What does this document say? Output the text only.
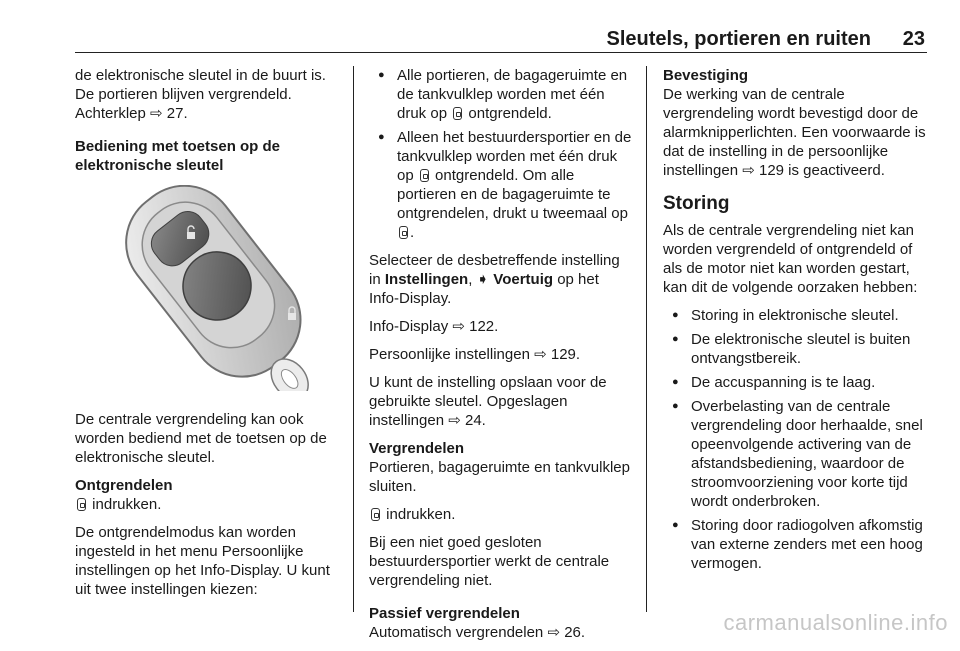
Sleutels, portieren en ruiten 23

de elektronische sleutel in de buurt is. De portieren blijven vergrendeld.
Achterklep ⇨ 27.

Bediening met toetsen op de elektronische sleutel

De centrale vergrendeling kan ook worden bediend met de toetsen op de elektronische sleutel.

Ontgrendelen

indrukken.

De ontgrendelmodus kan worden ingesteld in het menu Persoonlijke instellingen op het Info-Display. U kunt uit twee instellingen kiezen:

● Alle portieren, de bagageruimte en de tankvulklep worden met één druk op ontgrendeld.
● Alleen het bestuurdersportier en de tankvulklep worden met één druk op ontgrendeld. Om alle portieren en de bagageruimte te ontgrendelen, drukt u tweemaal op .

Selecteer de desbetreffende instelling in Instellingen, ➧ Voertuig op het Info-Display.

Info-Display ⇨ 122.

Persoonlijke instellingen ⇨ 129.

U kunt de instelling opslaan voor de gebruikte sleutel. Opgeslagen instellingen ⇨ 24.

Vergrendelen

Portieren, bagageruimte en tankvulklep sluiten.

indrukken.

Bij een niet goed gesloten bestuurdersportier werkt de centrale vergrendeling niet.

Passief vergrendelen

Automatisch vergrendelen ⇨ 26.

Bevestiging

De werking van de centrale vergrendeling wordt bevestigd door de alarmknipperlichten. Een voorwaarde is dat de instelling in de persoonlijke instellingen ⇨ 129 is geactiveerd.

Storing

Als de centrale vergrendeling niet kan worden vergrendeld of ontgrendeld of als de motor niet kan worden gestart, kan dit de volgende oorzaken hebben:

● Storing in elektronische sleutel.
● De elektronische sleutel is buiten ontvangstbereik.
● De accuspanning is te laag.
● Overbelasting van de centrale vergrendeling door herhaalde, snel opeenvolgende activering van de afstandsbediening, waardoor de stroomvoorziening voor korte tijd wordt onderbroken.
● Storing door radiogolven afkomstig van externe zenders met een hoog vermogen.
carmanualsonline.info
